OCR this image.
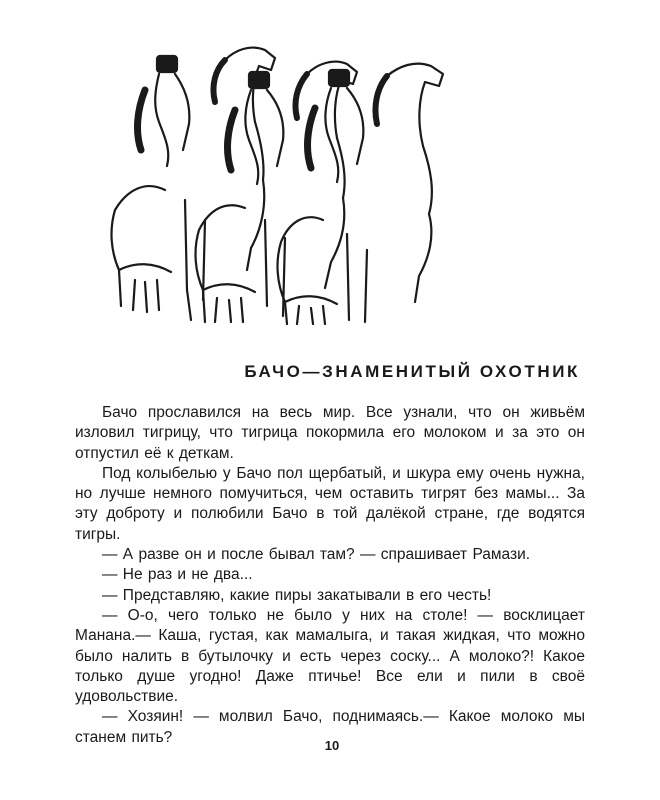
БАЧО—ЗНАМЕНИТЫЙ ОХОТНИК

Бачо прославился на весь мир. Все узнали, что он живьём изловил тигрицу, что тигрица покормила его молоком и за это он отпустил её к деткам.

Под колыбелью у Бачо пол щербатый, и шкура ему очень нужна, но лучше немного помучиться, чем оставить тигрят без мамы... За эту доброту и полюбили Бачо в той далёкой стране, где водятся тигры.

— А разве он и после бывал там? — спрашивает Рамази.

— Не раз и не два...

— Представляю, какие пиры закатывали в его честь!

— О-о, чего только не было у них на столе! — восклицает Манана.— Каша, густая, как мамалыга, и такая жидкая, что можно было налить в бутылочку и есть через соску... А молоко?! Какое только душе угодно! Даже птичье! Все ели и пили в своё удовольствие.

— Хозяин! — молвил Бачо, поднимаясь.— Какое молоко мы станем пить?	10
